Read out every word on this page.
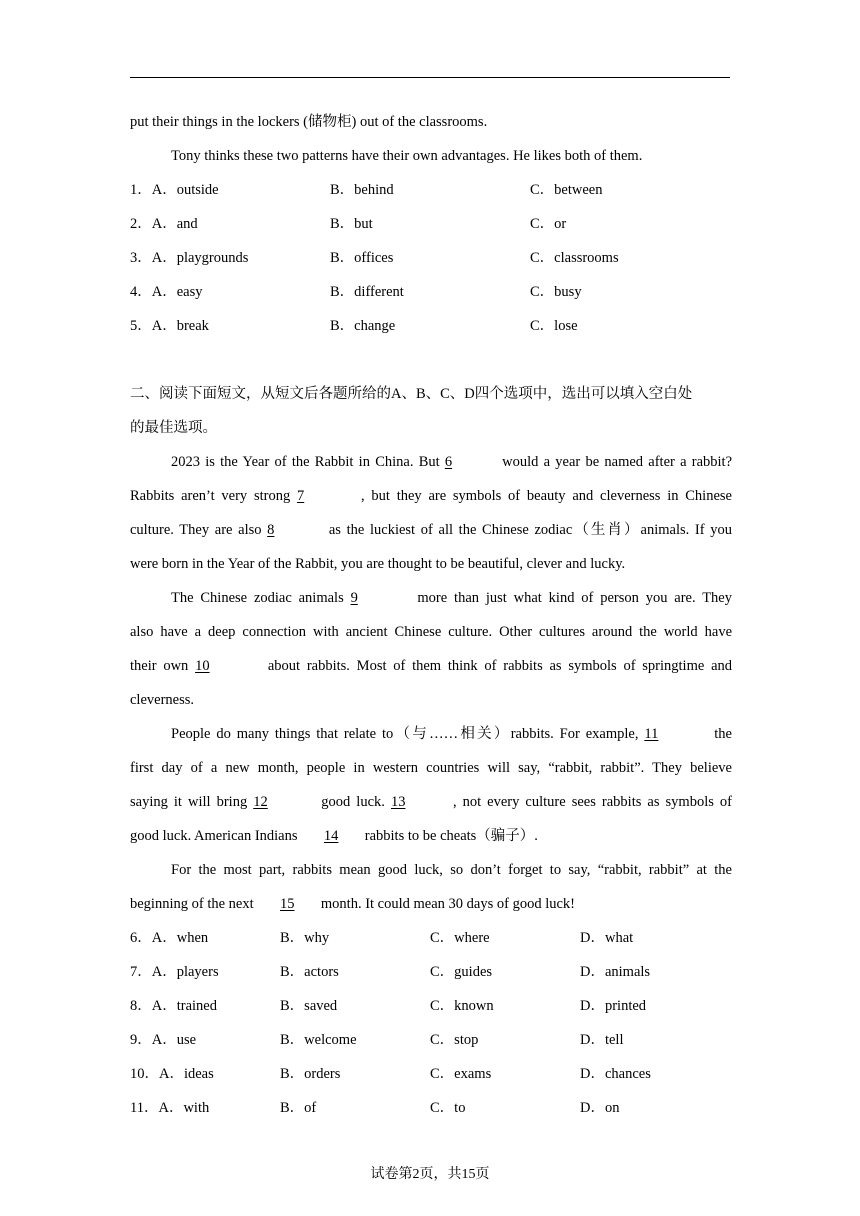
put their things in the lockers (储物柜) out of the classrooms.
Tony thinks these two patterns have their own advantages. He likes both of them.
1．A．outside	B．behind	C．between
2．A．and	B．but	C．or
3．A．playgrounds	B．offices	C．classrooms
4．A．easy	B．different	C．busy
5．A．break	B．change	C．lose
二、阅读下面短文，从短文后各题所给的A、B、C、D四个选项中，选出可以填入空白处
的最佳选项。
2023 is the Year of the Rabbit in China. But 6	would a year be named after a rabbit?
Rabbits aren’t very strong 7	, but they are symbols of beauty and cleverness in Chinese
culture. They are also 8	as the luckiest of all the Chinese zodiac（生肖）animals. If you
were born in the Year of the Rabbit, you are thought to be beautiful, clever and lucky.
The Chinese zodiac animals 9	more than just what kind of person you are. They
also have a deep connection with ancient Chinese culture. Other cultures around the world have
their own 10	about rabbits. Most of them think of rabbits as symbols of springtime and
cleverness.
People do many things that relate to（与……相关）rabbits. For example, 11	the
first day of a new month, people in western countries will say, “rabbit, rabbit”. They believe
saying it will bring 12	good luck. 13	, not every culture sees rabbits as symbols of
good luck. American Indians 14 rabbits to be cheats（骗子）.
For the most part, rabbits mean good luck, so don’t forget to say, “rabbit, rabbit” at the
beginning of the next 15 month. It could mean 30 days of good luck!
6．A．when	B．why	C．where	D．what
7．A．players	B．actors	C．guides	D．animals
8．A．trained	B．saved	C．known	D．printed
9．A．use	B．welcome	C．stop	D．tell
10．A．ideas	B．orders	C．exams	D．chances
11．A．with	B．of	C．to	D．on
试卷第2页，共15页
